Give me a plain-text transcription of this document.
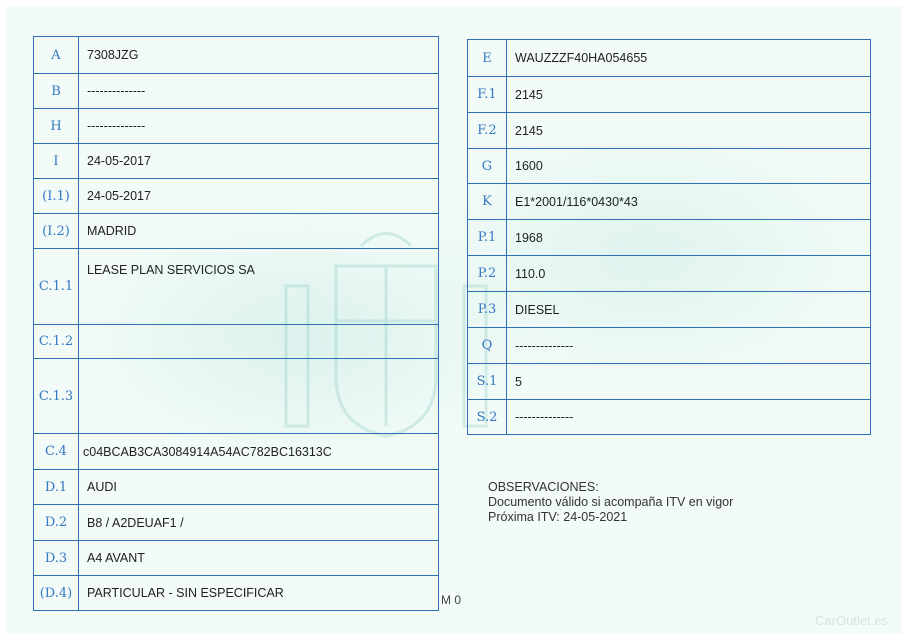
A	7308JZG
B	--------------
H	--------------
I	24-05-2017
(I.1)	24-05-2017
(I.2)	MADRID
C.1.1	LEASE PLAN SERVICIOS SA
C.1.2	
C.1.3	
C.4	c04BCAB3CA3084914A54AC782BC16313C
D.1	AUDI
D.2	B8 / A2DEUAF1 /
D.3	A4 AVANT
(D.4)	PARTICULAR - SIN ESPECIFICAR
E	WAUZZZF40HA054655
F.1	2145
F.2	2145
G	1600
K	E1*2001/116*0430*43
P.1	1968
P.2	110.0
P.3	DIESEL
Q	--------------
S.1	5
S.2	--------------
M 0
OBSERVACIONES:
Documento válido si acompaña ITV en vigor
Próxima ITV: 24-05-2021
CarOutlet.es
